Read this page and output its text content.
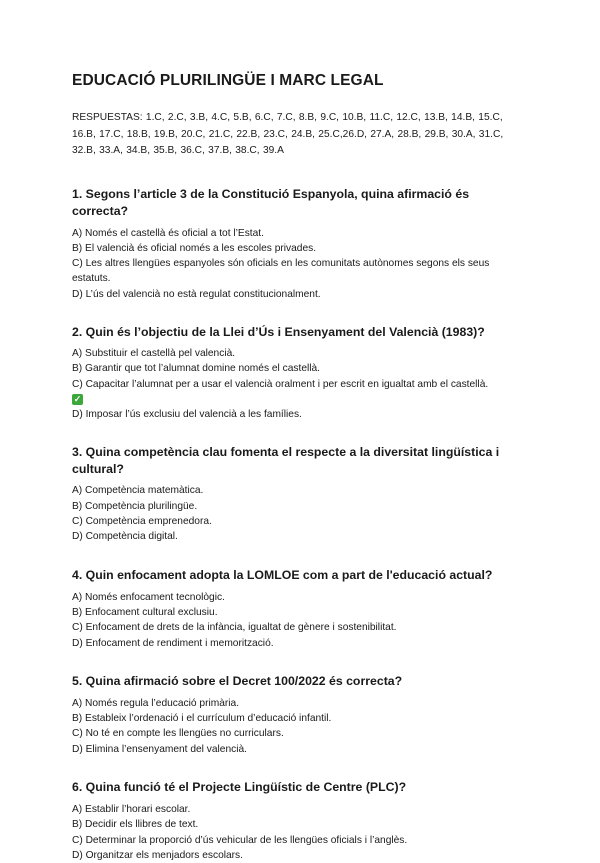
EDUCACIÓ PLURILINGÜE I MARC LEGAL

RESPUESTAS: 1.C, 2.C, 3.B, 4.C, 5.B, 6.C, 7.C, 8.B, 9.C, 10.B, 11.C, 12.C, 13.B, 14.B, 15.C, 16.B, 17.C, 18.B, 19.B, 20.C, 21.C, 22.B, 23.C, 24.B, 25.C,26.D, 27.A, 28.B, 29.B, 30.A, 31.C, 32.B, 33.A, 34.B, 35.B, 36.C, 37.B, 38.C, 39.A

1. Segons l’article 3 de la Constitució Espanyola, quina afirmació és correcta?
A) Només el castellà és oficial a tot l’Estat.
B) El valencià és oficial només a les escoles privades.
C) Les altres llengües espanyoles són oficials en les comunitats autònomes segons els seus estatuts.
D) L’ús del valencià no està regulat constitucionalment.
2. Quin és l’objectiu de la Llei d’Ús i Ensenyament del Valencià (1983)?
A) Substituir el castellà pel valencià.
B) Garantir que tot l’alumnat domine només el castellà.
C) Capacitar l’alumnat per a usar el valencià oralment i per escrit en igualtat amb el castellà.
✓
D) Imposar l’ús exclusiu del valencià a les famílies.
3. Quina competència clau fomenta el respecte a la diversitat lingüística i cultural?
A) Competència matemàtica.
B) Competència plurilingüe.
C) Competència emprenedora.
D) Competència digital.
4. Quin enfocament adopta la LOMLOE com a part de l'educació actual?
A) Només enfocament tecnològic.
B) Enfocament cultural exclusiu.
C) Enfocament de drets de la infància, igualtat de gènere i sostenibilitat.
D) Enfocament de rendiment i memorització.
5. Quina afirmació sobre el Decret 100/2022 és correcta?
A) Només regula l’educació primària.
B) Estableix l’ordenació i el currículum d’educació infantil.
C) No té en compte les llengües no curriculars.
D) Elimina l’ensenyament del valencià.
6. Quina funció té el Projecte Lingüístic de Centre (PLC)?
A) Establir l’horari escolar.
B) Decidir els llibres de text.
C) Determinar la proporció d’ús vehicular de les llengües oficials i l’anglès.
D) Organitzar els menjadors escolars.
